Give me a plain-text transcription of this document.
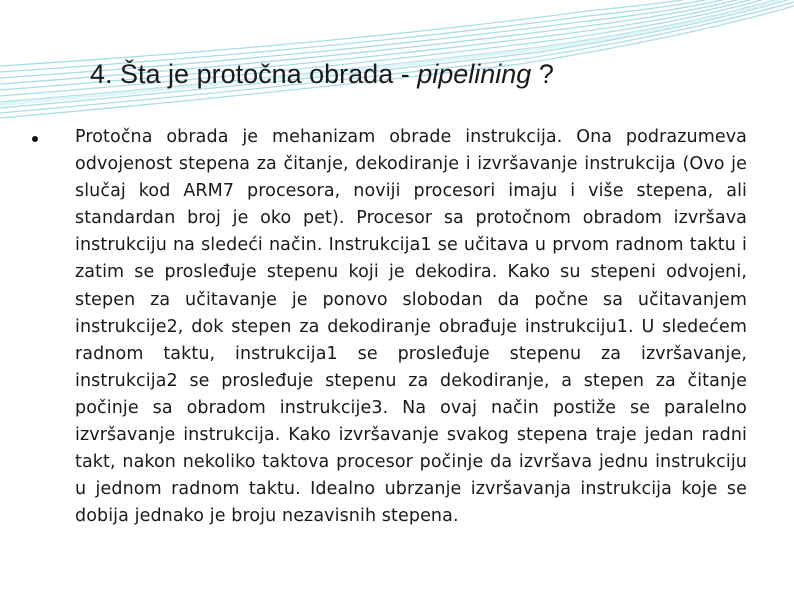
4. Šta je protočna obrada - pipelining ?

Protočna obrada je mehanizam obrade instrukcija. Ona podrazumeva odvojenost stepena za čitanje, dekodiranje i izvršavanje instrukcija (Ovo je slučaj kod ARM7 procesora, noviji procesori imaju i više stepena, ali standardan broj je oko pet). Procesor sa protočnom obradom izvršava instrukciju na sledeći način. Instrukcija1 se učitava u prvom radnom taktu i zatim se prosleđuje stepenu koji je dekodira. Kako su stepeni odvojeni, stepen za učitavanje je ponovo slobodan da počne sa učitavanjem instrukcije2, dok stepen za dekodiranje obrađuje instrukciju1. U sledećem radnom taktu, instrukcija1 se prosleđuje stepenu za izvršavanje, instrukcija2 se prosleđuje stepenu za dekodiranje, a stepen za čitanje počinje sa obradom instrukcije3. Na ovaj način postiže se paralelno izvršavanje instrukcija. Kako izvršavanje svakog stepena traje jedan radni takt, nakon nekoliko taktova procesor počinje da izvršava jednu instrukciju u jednom radnom taktu. Idealno ubrzanje izvršavanja instrukcija koje se dobija jednako je broju nezavisnih stepena.
